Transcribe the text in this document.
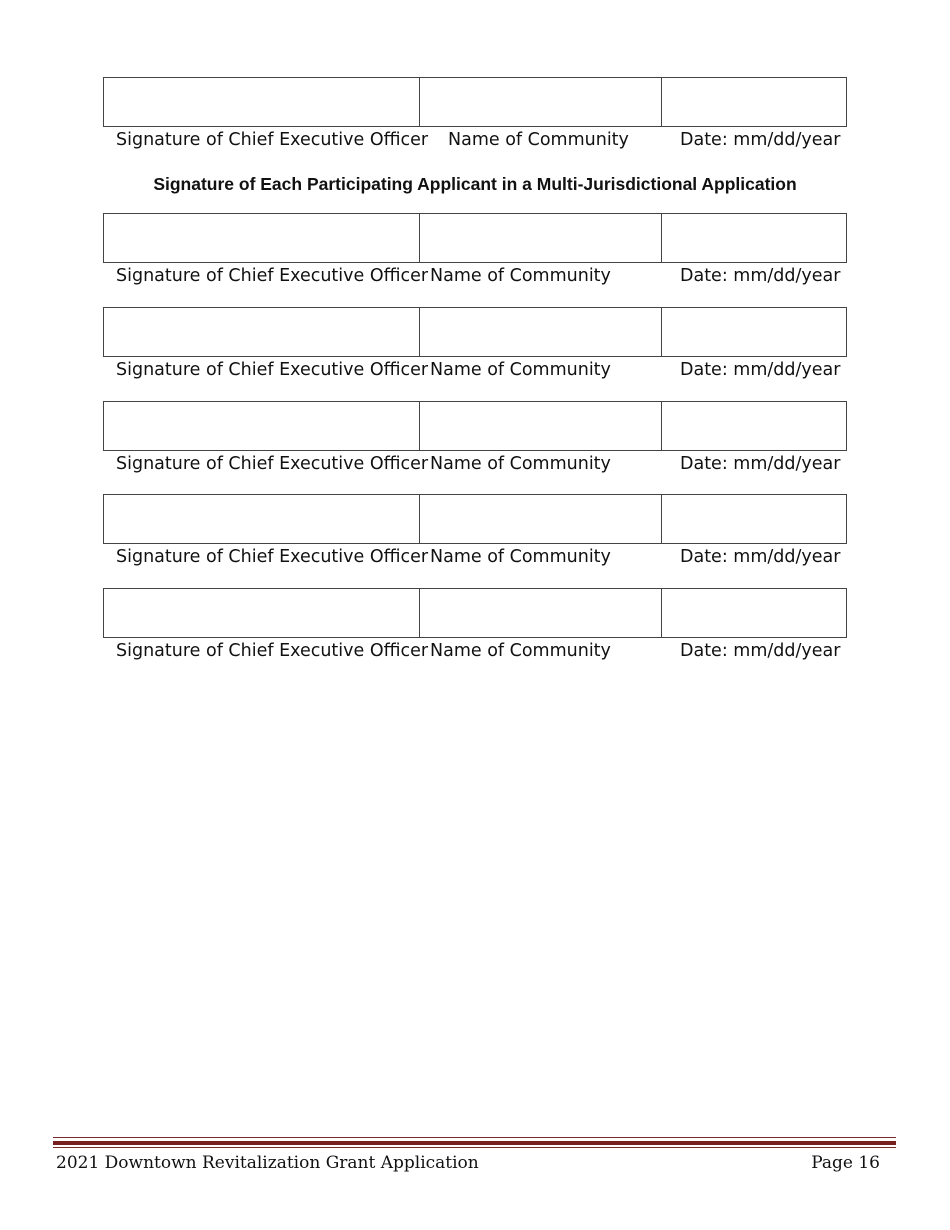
Signature of Chief Executive Officer Name of Community	Date: mm/dd/year
Signature of Each Participating Applicant in a Multi-Jurisdictional Application
Signature of Chief Executive Officer Name of Community	Date: mm/dd/year
Signature of Chief Executive Officer Name of Community	Date: mm/dd/year
Signature of Chief Executive Officer Name of Community	Date: mm/dd/year
Signature of Chief Executive Officer Name of Community	Date: mm/dd/year
Signature of Chief Executive Officer Name of Community	Date: mm/dd/year
2021 Downtown Revitalization Grant Application	Page 16
